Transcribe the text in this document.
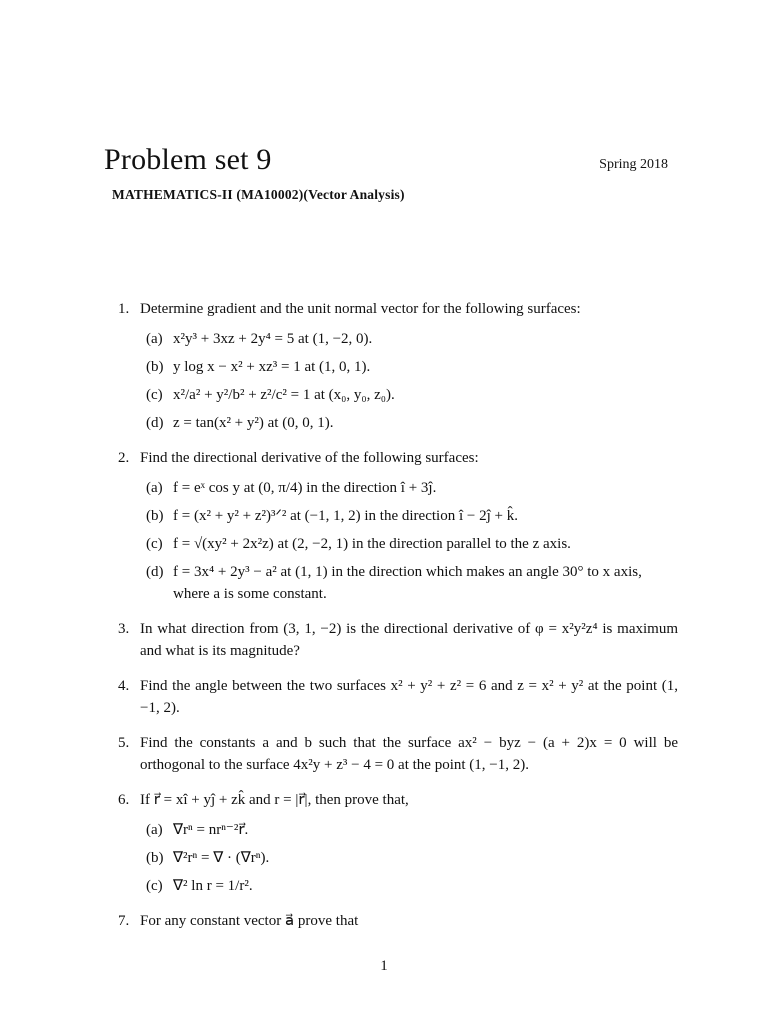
Problem set 9	Spring 2018
MATHEMATICS-II (MA10002)(Vector Analysis)
1. Determine gradient and the unit normal vector for the following surfaces:
(a) x²y³ + 3xz + 2y⁴ = 5 at (1, −2, 0).
(b) y log x − x² + xz³ = 1 at (1, 0, 1).
(c) x²/a² + y²/b² + z²/c² = 1 at (x₀, y₀, z₀).
(d) z = tan(x² + y²) at (0, 0, 1).
2. Find the directional derivative of the following surfaces:
(a) f = eˣ cos y at (0, π/4) in the direction î + 3ĵ.
(b) f = (x² + y² + z²)³ᐟ² at (−1, 1, 2) in the direction î − 2ĵ + k̂.
(c) f = √(xy² + 2x²z) at (2, −2, 1) in the direction parallel to the z axis.
(d) f = 3x⁴ + 2y³ − a² at (1, 1) in the direction which makes an angle 30° to x axis, where a is some constant.
3. In what direction from (3, 1, −2) is the directional derivative of φ = x²y²z⁴ is maximum and what is its magnitude?
4. Find the angle between the two surfaces x² + y² + z² = 6 and z = x² + y² at the point (1, −1, 2).
5. Find the constants a and b such that the surface ax² − byz − (a + 2)x = 0 will be orthogonal to the surface 4x²y + z³ − 4 = 0 at the point (1, −1, 2).
6. If r⃗ = xî + yĵ + zk̂ and r = |r⃗|, then prove that,
(a) ∇rⁿ = nrⁿ⁻²r⃗.
(b) ∇²rⁿ = ∇ · (∇rⁿ).
(c) ∇² ln r = 1/r².
7. For any constant vector a⃗ prove that
1
